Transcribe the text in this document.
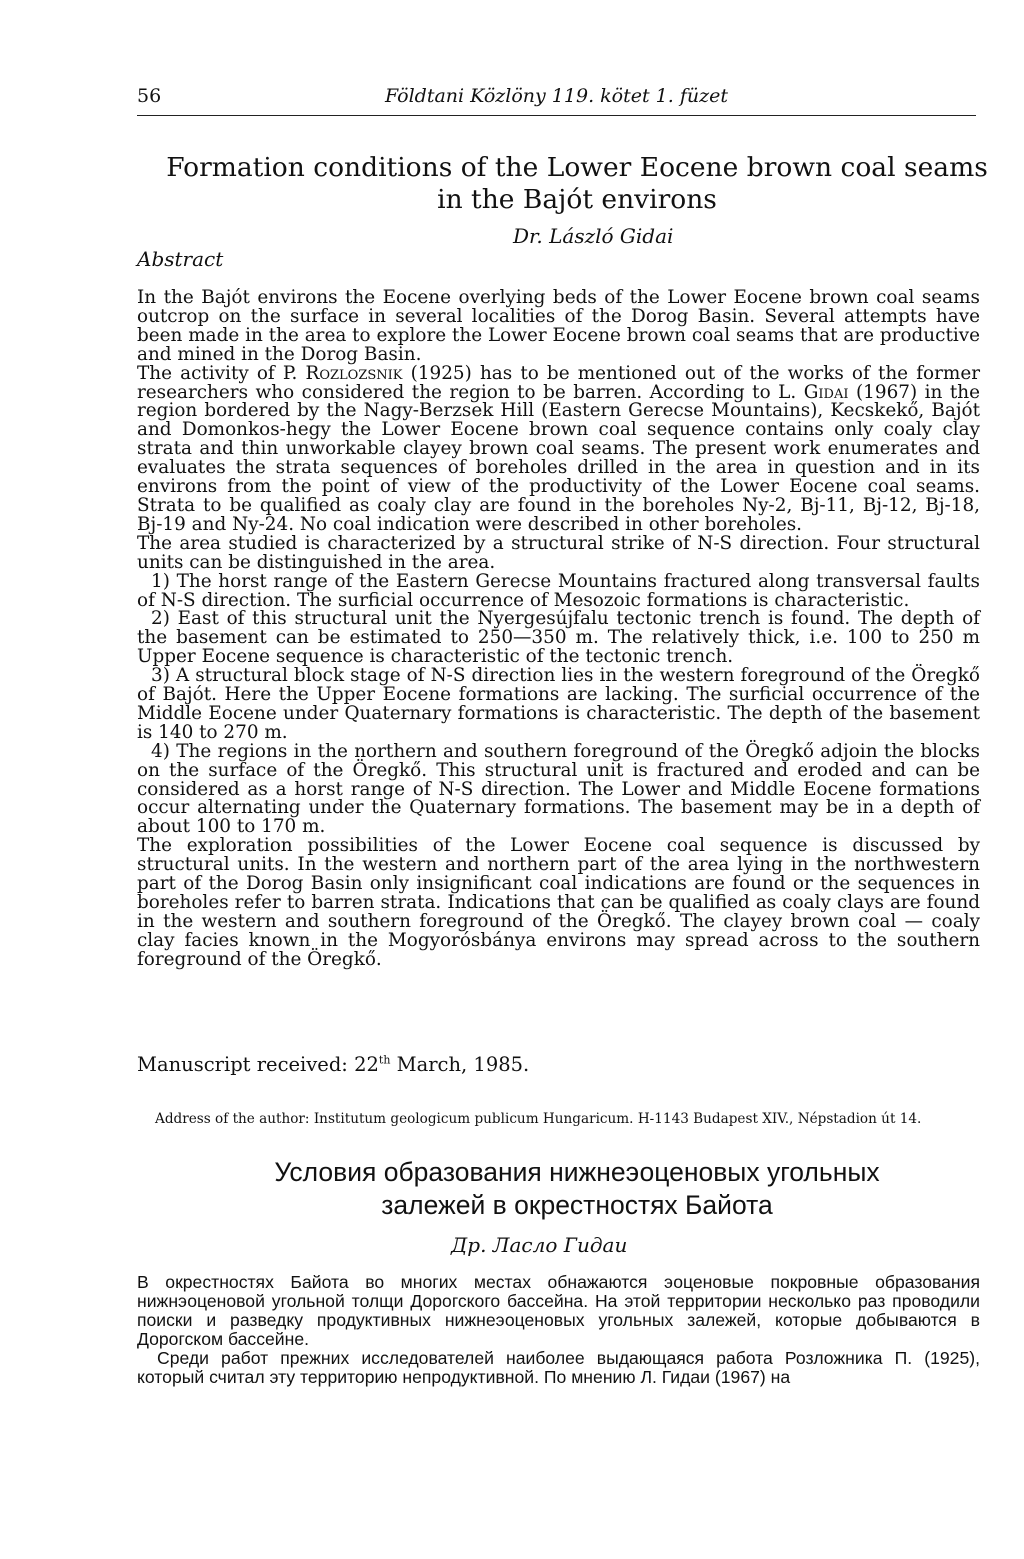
56	Földtani Közlöny 119. kötet 1. füzet
Formation conditions of the Lower Eocene brown coal seams
in the Bajót environs
Dr. László Gidai
Abstract

In the Bajót environs the Eocene overlying beds of the Lower Eocene brown coal seams outcrop on the surface in several localities of the Dorog Basin. Several attempts have been made in the area to explore the Lower Eocene brown coal seams that are productive and mined in the Dorog Basin.

The activity of P. Rozlozsnik (1925) has to be mentioned out of the works of the former researchers who considered the region to be barren. According to L. Gidai (1967) in the region bordered by the Nagy-Berzsek Hill (Eastern Gerecse Mountains), Kecskekő, Bajót and Domonkos-hegy the Lower Eocene brown coal sequence contains only coaly clay strata and thin unworkable clayey brown coal seams. The present work enumerates and evaluates the strata sequences of boreholes drilled in the area in question and in its environs from the point of view of the productivity of the Lower Eocene coal seams. Strata to be qualified as coaly clay are found in the boreholes Ny-2, Bj-11, Bj-12, Bj-18, Bj-19 and Ny-24. No coal indication were described in other boreholes.

The area studied is characterized by a structural strike of N-S direction. Four structural units can be distinguished in the area.

1) The horst range of the Eastern Gerecse Mountains fractured along transversal faults of N-S direction. The surficial occurrence of Mesozoic formations is characteristic.

2) East of this structural unit the Nyergesújfalu tectonic trench is found. The depth of the basement can be estimated to 250—350 m. The relatively thick, i.e. 100 to 250 m Upper Eocene sequence is characteristic of the tectonic trench.

3) A structural block stage of N-S direction lies in the western foreground of the Öregkő of Bajót. Here the Upper Eocene formations are lacking. The surficial occurrence of the Middle Eocene under Quaternary formations is characteristic. The depth of the basement is 140 to 270 m.

4) The regions in the northern and southern foreground of the Öregkő adjoin the blocks on the surface of the Öregkő. This structural unit is fractured and eroded and can be considered as a horst range of N-S direction. The Lower and Middle Eocene formations occur alternating under the Quaternary formations. The basement may be in a depth of about 100 to 170 m.

The exploration possibilities of the Lower Eocene coal sequence is discussed by structural units. In the western and northern part of the area lying in the northwestern part of the Dorog Basin only insignificant coal indications are found or the sequences in boreholes refer to barren strata. Indications that can be qualified as coaly clays are found in the western and southern foreground of the Öregkő. The clayey brown coal — coaly clay facies known in the Mogyorósbánya environs may spread across to the southern foreground of the Öregkő.

Manuscript received: 22th March, 1985.
Address of the author: Institutum geologicum publicum Hungaricum. H-1143 Budapest XIV., Népstadion út 14.
Условия образования нижнеэоценовых угольных
залежей в окрестностях Байота
Др. Ласло Гидаи

В окрестностях Байота во многих местах обнажаются эоценовые покровные образования нижнэоценовой угольной толщи Дорогского бассейна. На этой территории несколько раз проводили поиски и разведку продуктивных нижнеэоценовых угольных залежей, которые добываются в Дорогском бассейне.

Среди работ прежних исследователей наиболее выдающаяся работа Розложника П. (1925), который считал эту территорию непродуктивной. По мнению Л. Гидаи (1967) на
